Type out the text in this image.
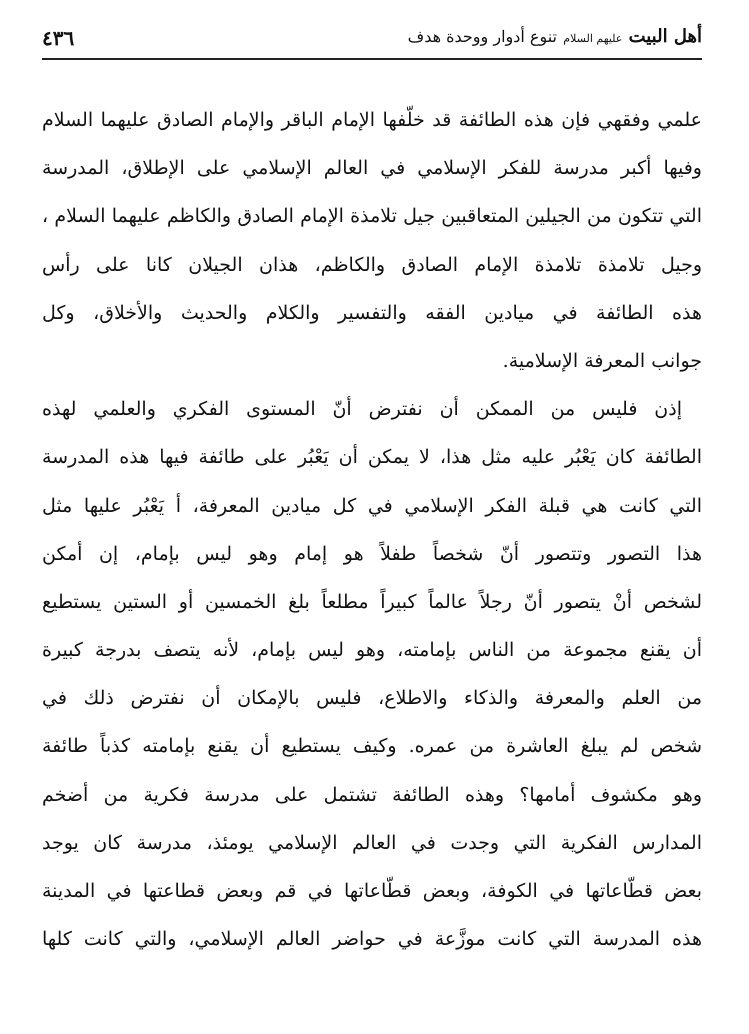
أهل البيت عليهم السلام تنوع أدوار ووحدة هدف
٤٣٦
علمي وفقهي فإن هذه الطائفة قد خلّفها الإمام الباقر والإمام الصادق عليهما السلام
وفيها أكبر مدرسة للفكر الإسلامي في العالم الإسلامي على الإطلاق، المدرسة
التي تتكون من الجيلين المتعاقبين جيل تلامذة الإمام الصادق والكاظم عليهما السلام ،
وجيل تلامذة تلامذة الإمام الصادق والكاظم، هذان الجيلان كانا على رأس
هذه الطائفة في ميادين الفقه والتفسير والكلام والحديث والأخلاق، وكل
جوانب المعرفة الإسلامية.
إذن فليس من الممكن أن نفترض أنّ المستوى الفكري والعلمي لهذه
الطائفة كان يَعْبُر عليه مثل هذا، لا يمكن أن يَعْبُر على طائفة فيها هذه المدرسة
التي كانت هي قبلة الفكر الإسلامي في كل ميادين المعرفة، أ يَعْبُر عليها مثل
هذا التصور وتتصور أنّ شخصاً طفلاً هو إمام وهو ليس بإمام، إن أمكن
لشخص أنْ يتصور أنّ رجلاً عالماً كبيراً مطلعاً بلغ الخمسين أو الستين يستطيع
أن يقنع مجموعة من الناس بإمامته، وهو ليس بإمام، لأنه يتصف بدرجة كبيرة
من العلم والمعرفة والذكاء والاطلاع، فليس بالإمكان أن نفترض ذلك في
شخص لم يبلغ العاشرة من عمره. وكيف يستطيع أن يقنع بإمامته كذباً طائفة
وهو مكشوف أمامها؟ وهذه الطائفة تشتمل على مدرسة فكرية من أضخم
المدارس الفكرية التي وجدت في العالم الإسلامي يومئذ، مدرسة كان يوجد
بعض قطّاعاتها في الكوفة، وبعض قطّاعاتها في قم وبعض قطاعتها في المدينة
هذه المدرسة التي كانت موزَّعة في حواضر العالم الإسلامي، والتي كانت كلها
